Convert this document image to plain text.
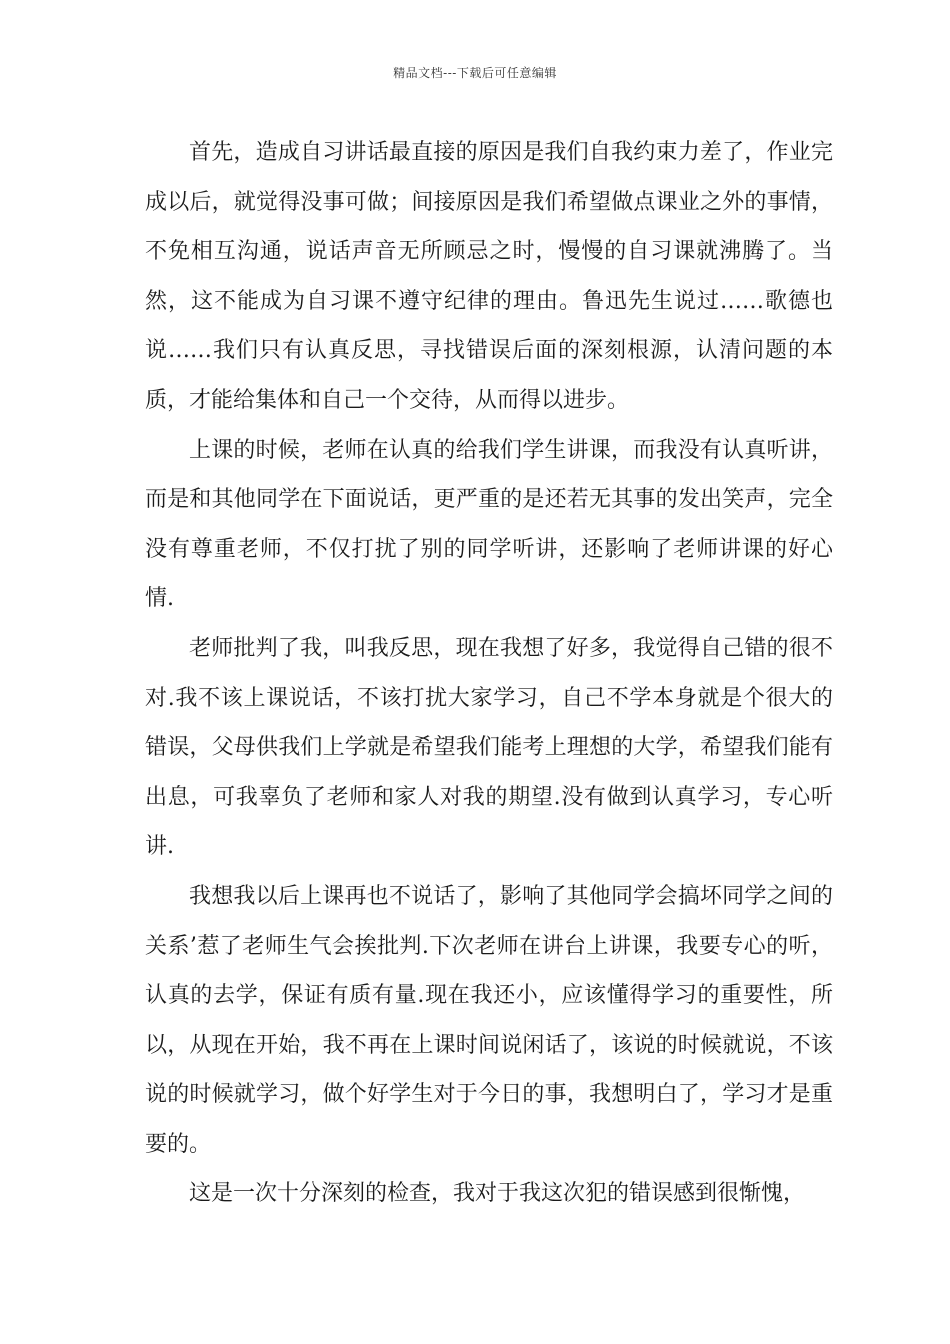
精品文档---下载后可任意编辑

首先，造成自习讲话最直接的原因是我们自我约束力差了，作业完成以后，就觉得没事可做；间接原因是我们希望做点课业之外的事情，不免相互沟通，说话声音无所顾忌之时，慢慢的自习课就沸腾了。当然，这不能成为自习课不遵守纪律的理由。鲁迅先生说过……歌德也说……我们只有认真反思，寻找错误后面的深刻根源，认清问题的本质，才能给集体和自己一个交待，从而得以进步。

上课的时候，老师在认真的给我们学生讲课，而我没有认真听讲，而是和其他同学在下面说话，更严重的是还若无其事的发出笑声，完全没有尊重老师，不仅打扰了别的同学听讲，还影响了老师讲课的好心情.

老师批判了我，叫我反思，现在我想了好多，我觉得自己错的很不对.我不该上课说话，不该打扰大家学习，自己不学本身就是个很大的错误，父母供我们上学就是希望我们能考上理想的大学，希望我们能有出息，可我辜负了老师和家人对我的期望.没有做到认真学习，专心听讲.

我想我以后上课再也不说话了，影响了其他同学会搞坏同学之间的关系’惹了老师生气会挨批判.下次老师在讲台上讲课，我要专心的听，认真的去学，保证有质有量.现在我还小，应该懂得学习的重要性，所以，从现在开始，我不再在上课时间说闲话了，该说的时候就说，不该说的时候就学习，做个好学生对于今日的事，我想明白了，学习才是重要的。

这是一次十分深刻的检查，我对于我这次犯的错误感到很惭愧，
